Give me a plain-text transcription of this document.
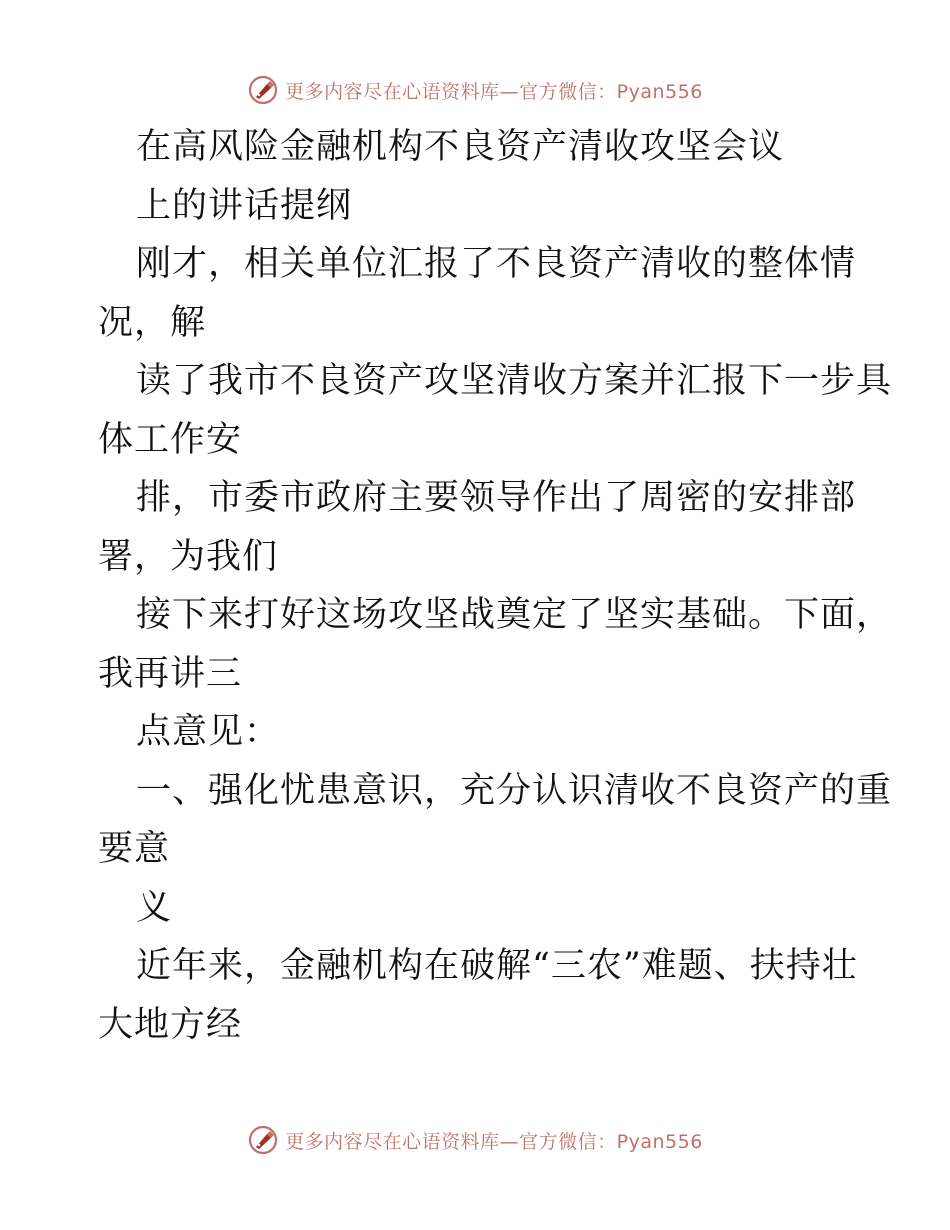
更多内容尽在心语资料库—官方微信：Pyan556
在高风险金融机构不良资产清收攻坚会议
上的讲话提纲
刚才，相关单位汇报了不良资产清收的整体情
况，解
读了我市不良资产攻坚清收方案并汇报下一步具
体工作安
排，市委市政府主要领导作出了周密的安排部
署，为我们
接下来打好这场攻坚战奠定了坚实基础。下面，
我再讲三
点意见：
一、强化忧患意识，充分认识清收不良资产的重
要意
义
近年来，金融机构在破解“三农”难题、扶持壮
大地方经
更多内容尽在心语资料库—官方微信：Pyan556
